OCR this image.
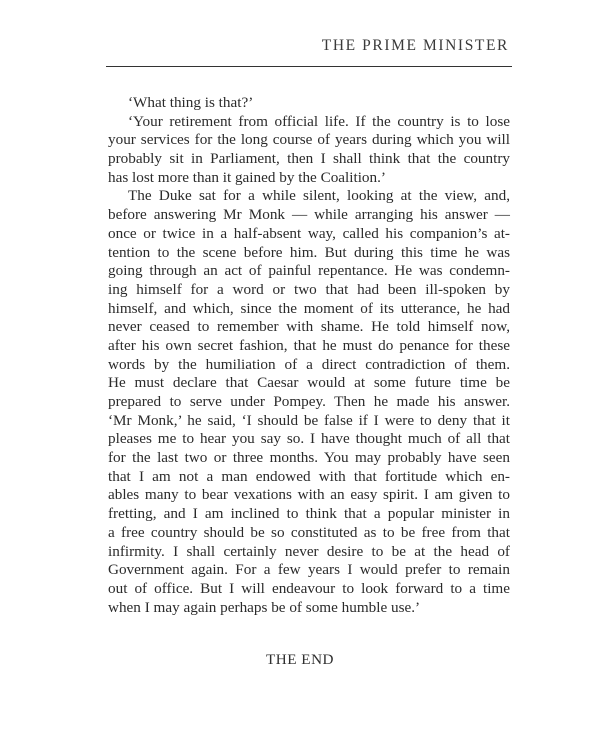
THE PRIME MINISTER
‘What thing is that?’
‘Your retirement from official life. If the country is to lose
your services for the long course of years during which you will
probably sit in Parliament, then I shall think that the country
has lost more than it gained by the Coalition.’
The Duke sat for a while silent, looking at the view, and,
before answering Mr Monk — while arranging his answer —
once or twice in a half-absent way, called his companion’s at-
tention to the scene before him. But during this time he was
going through an act of painful repentance. He was condemn-
ing himself for a word or two that had been ill-spoken by
himself, and which, since the moment of its utterance, he had
never ceased to remember with shame. He told himself now,
after his own secret fashion, that he must do penance for these
words by the humiliation of a direct contradiction of them.
He must declare that Caesar would at some future time be
prepared to serve under Pompey. Then he made his answer.
‘Mr Monk,’ he said, ‘I should be false if I were to deny that it
pleases me to hear you say so. I have thought much of all that
for the last two or three months. You may probably have seen
that I am not a man endowed with that fortitude which en-
ables many to bear vexations with an easy spirit. I am given to
fretting, and I am inclined to think that a popular minister in
a free country should be so constituted as to be free from that
infirmity. I shall certainly never desire to be at the head of
Government again. For a few years I would prefer to remain
out of office. But I will endeavour to look forward to a time
when I may again perhaps be of some humble use.’
THE END
